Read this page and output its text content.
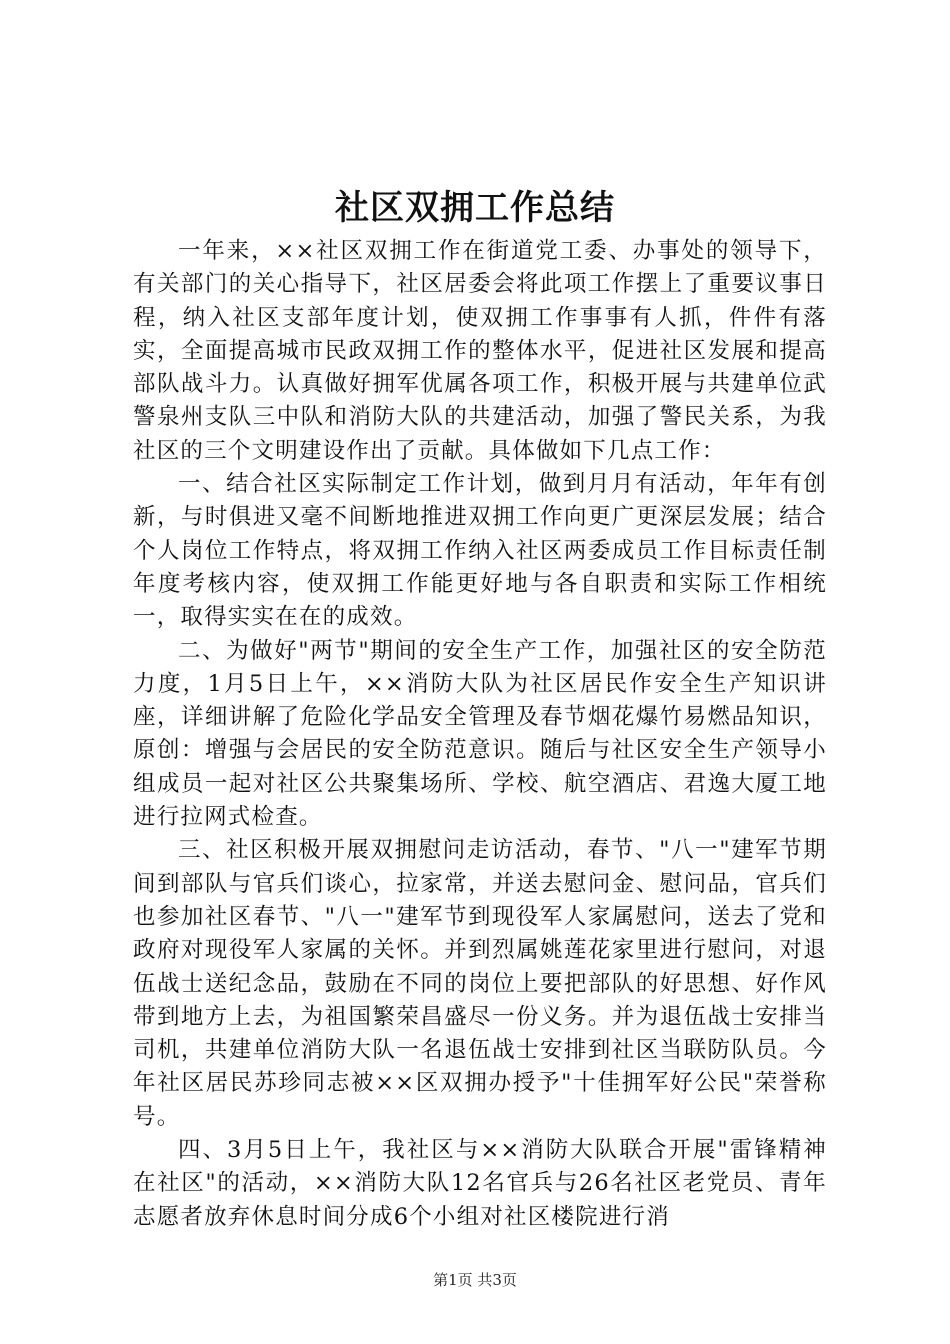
社区双拥工作总结

一年来，××社区双拥工作在街道党工委、办事处的领导下，有关部门的关心指导下，社区居委会将此项工作摆上了重要议事日程，纳入社区支部年度计划，使双拥工作事事有人抓，件件有落实，全面提高城市民政双拥工作的整体水平，促进社区发展和提高部队战斗力。认真做好拥军优属各项工作，积极开展与共建单位武警泉州支队三中队和消防大队的共建活动，加强了警民关系，为我社区的三个文明建设作出了贡献。具体做如下几点工作：

一、结合社区实际制定工作计划，做到月月有活动，年年有创新，与时俱进又毫不间断地推进双拥工作向更广更深层发展；结合个人岗位工作特点，将双拥工作纳入社区两委成员工作目标责任制年度考核内容，使双拥工作能更好地与各自职责和实际工作相统一，取得实实在在的成效。

二、为做好"两节"期间的安全生产工作，加强社区的安全防范力度，1月5日上午，××消防大队为社区居民作安全生产知识讲座，详细讲解了危险化学品安全管理及春节烟花爆竹易燃品知识，原创：增强与会居民的安全防范意识。随后与社区安全生产领导小组成员一起对社区公共聚集场所、学校、航空酒店、君逸大厦工地进行拉网式检查。

三、社区积极开展双拥慰问走访活动，春节、"八一"建军节期间到部队与官兵们谈心，拉家常，并送去慰问金、慰问品，官兵们也参加社区春节、"八一"建军节到现役军人家属慰问，送去了党和政府对现役军人家属的关怀。并到烈属姚莲花家里进行慰问，对退伍战士送纪念品，鼓励在不同的岗位上要把部队的好思想、好作风带到地方上去，为祖国繁荣昌盛尽一份义务。并为退伍战士安排当司机，共建单位消防大队一名退伍战士安排到社区当联防队员。今年社区居民苏珍同志被××区双拥办授予"十佳拥军好公民"荣誉称号。

四、3月5日上午，我社区与××消防大队联合开展"雷锋精神在社区"的活动，××消防大队12名官兵与26名社区老党员、青年志愿者放弃休息时间分成6个小组对社区楼院进行消

第1页 共3页
